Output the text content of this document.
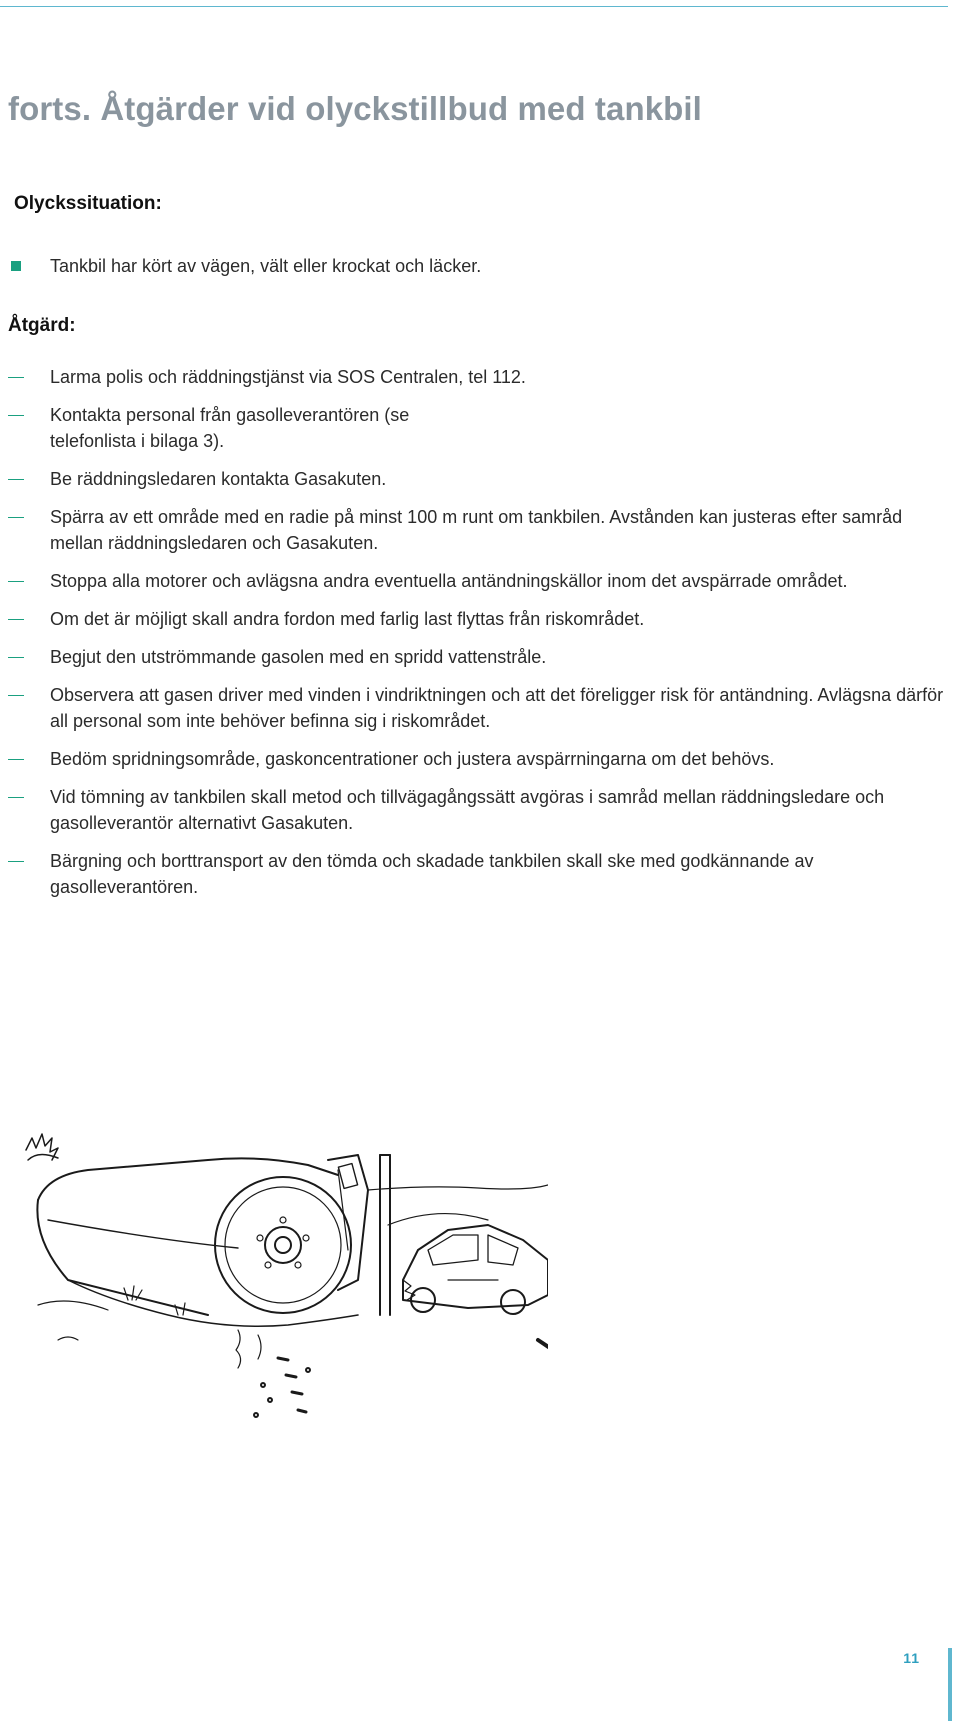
forts. Åtgärder vid olyckstillbud med tankbil
Olyckssituation:
Tankbil har kört av vägen, vält eller krockat och läcker.
Åtgärd:
Larma polis och räddningstjänst via SOS Centralen, tel 112.
Kontakta personal från gasolleverantören (se telefonlista i bilaga 3).
Be räddningsledaren kontakta Gasakuten.
Spärra av ett område med en radie på minst 100 m runt om tankbilen. Avstånden kan justeras efter samråd mellan räddningsledaren och Gasakuten.
Stoppa alla motorer och avlägsna andra eventuella antändningskällor inom det avspärrade området.
Om det är möjligt skall andra fordon med farlig last flyttas från riskområdet.
Begjut den utströmmande gasolen med en spridd vattenstråle.
Observera att gasen driver med vinden i vindriktningen och att det föreligger risk för antändning. Avlägsna därför all personal som inte behöver befinna sig i riskområdet.
Bedöm spridningsområde, gaskoncentrationer och justera avspärrningarna om det behövs.
Vid tömning av tankbilen skall metod och tillvägagångssätt avgöras i samråd mellan räddningsledare och gasolleverantör alternativt Gasakuten.
Bärgning och borttransport av den tömda och skadade tankbilen skall ske med godkännande av gasolleverantören.
11
